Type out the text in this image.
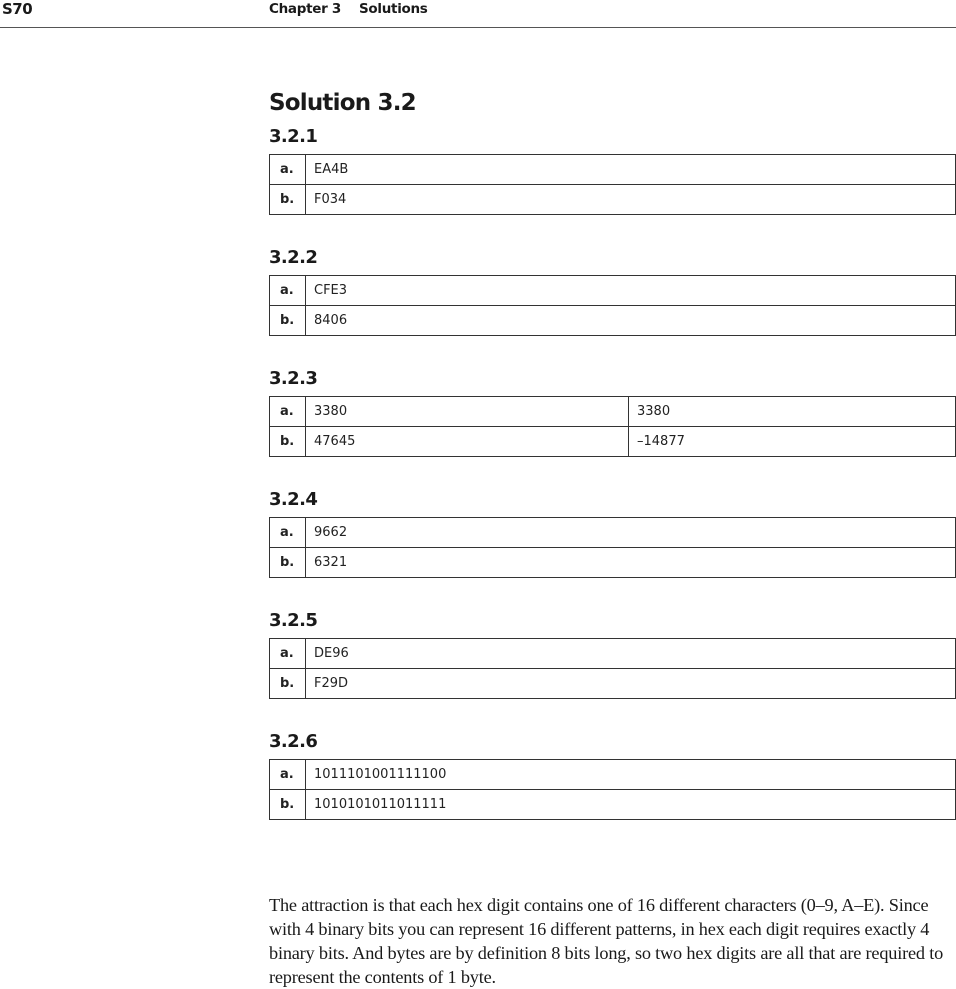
S70	Chapter 3 Solutions
Solution 3.2
3.2.1
a.	EA4B
b.	F034
3.2.2
a.	CFE3
b.	8406
3.2.3
a.	3380	3380
b.	47645	–14877
3.2.4
a.	9662
b.	6321
3.2.5
a.	DE96
b.	F29D
3.2.6
a.	1011101001111100
b.	1010101011011111

The attraction is that each hex digit contains one of 16 different characters (0–9, A–E). Since with 4 binary bits you can represent 16 different patterns, in hex each digit requires exactly 4 binary bits. And bytes are by definition 8 bits long, so two hex digits are all that are required to represent the contents of 1 byte.
